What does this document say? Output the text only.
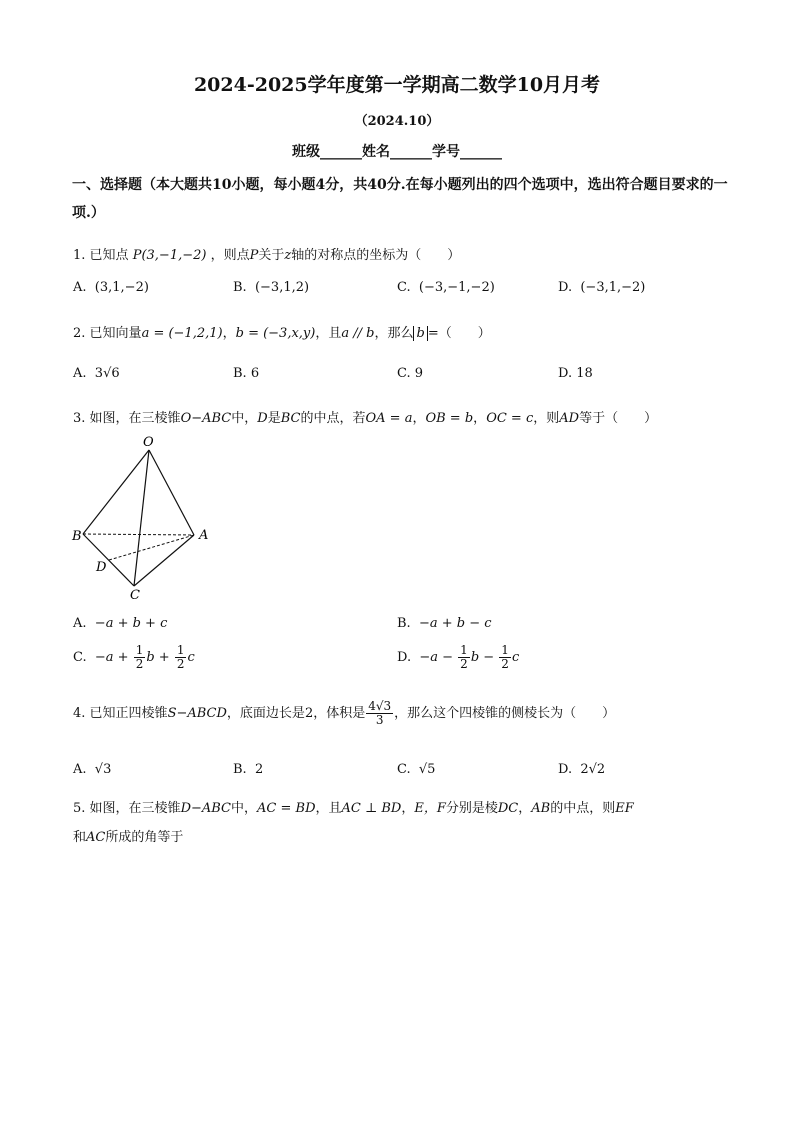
2024-2025学年度第一学期高二数学10月月考
（2024.10）
班级______姓名______学号______
一、选择题（本大题共10小题，每小题4分，共40分.在每小题列出的四个选项中，选出符合题目要求的一项.）
1. 已知点 P(3,−1,−2) ，则点P关于z轴的对称点的坐标为（　　）
A. (3,1,−2)	B. (−3,1,2)	C. (−3,−1,−2)	D. (−3,1,−2)
2. 已知向量a = (−1,2,1)，b = (−3,x,y)，且a // b，那么 b =（　　）
A. 3√6	B. 6	C. 9	D. 18
3. 如图，在三棱锥O−ABC中，D是BC的中点，若OA = a，OB = b，OC = c，则AD等于（　　）
O
A
B
C
D
A. −a + b + c	B. −a + b − c
C. $-a + \frac{1}{2}$ $b + \frac{1}{2}$ c	D. $-a - \frac{1}{2}$ $b - \frac{1}{2}$ c
4. 已知正四棱锥S−ABCD，底面边长是2，体积是 $\frac{4√3}{3}$ ，那么这个四棱锥的侧棱长为（　　）
A. √3	B. 2	C. √5	D. 2√2
5. 如图，在三棱锥D−ABC中，AC = BD，且AC ⊥ BD，E，F分别是棱DC，AB的中点，则EF
和AC所成的角等于
